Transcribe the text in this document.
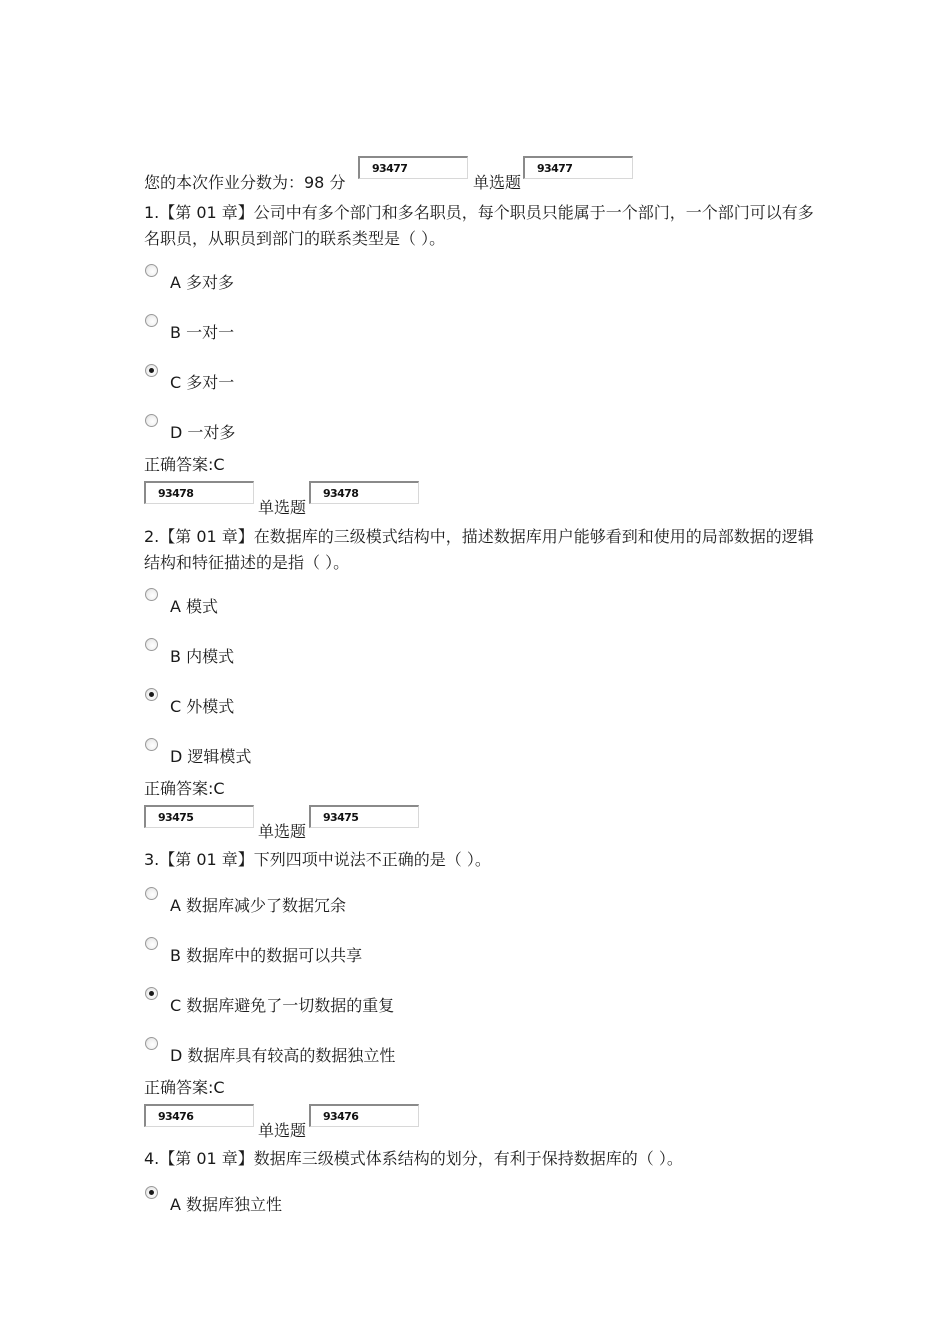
您的本次作业分数为：98 分
93477
单选题
93477
1.【第 01 章】公司中有多个部门和多名职员，每个职员只能属于一个部门，一个部门可以有多名职员，从职员到部门的联系类型是（ ）。
A 多对多
B 一对一
C 多对一
D 一对多
正确答案:C
93478
单选题
93478
2.【第 01 章】在数据库的三级模式结构中，描述数据库用户能够看到和使用的局部数据的逻辑结构和特征描述的是指（ ）。
A 模式
B 内模式
C 外模式
D 逻辑模式
正确答案:C
93475
单选题
93475
3.【第 01 章】下列四项中说法不正确的是（ ）。
A 数据库减少了数据冗余
B 数据库中的数据可以共享
C 数据库避免了一切数据的重复
D 数据库具有较高的数据独立性
正确答案:C
93476
单选题
93476
4.【第 01 章】数据库三级模式体系结构的划分，有利于保持数据库的（ ）。
A 数据库独立性
